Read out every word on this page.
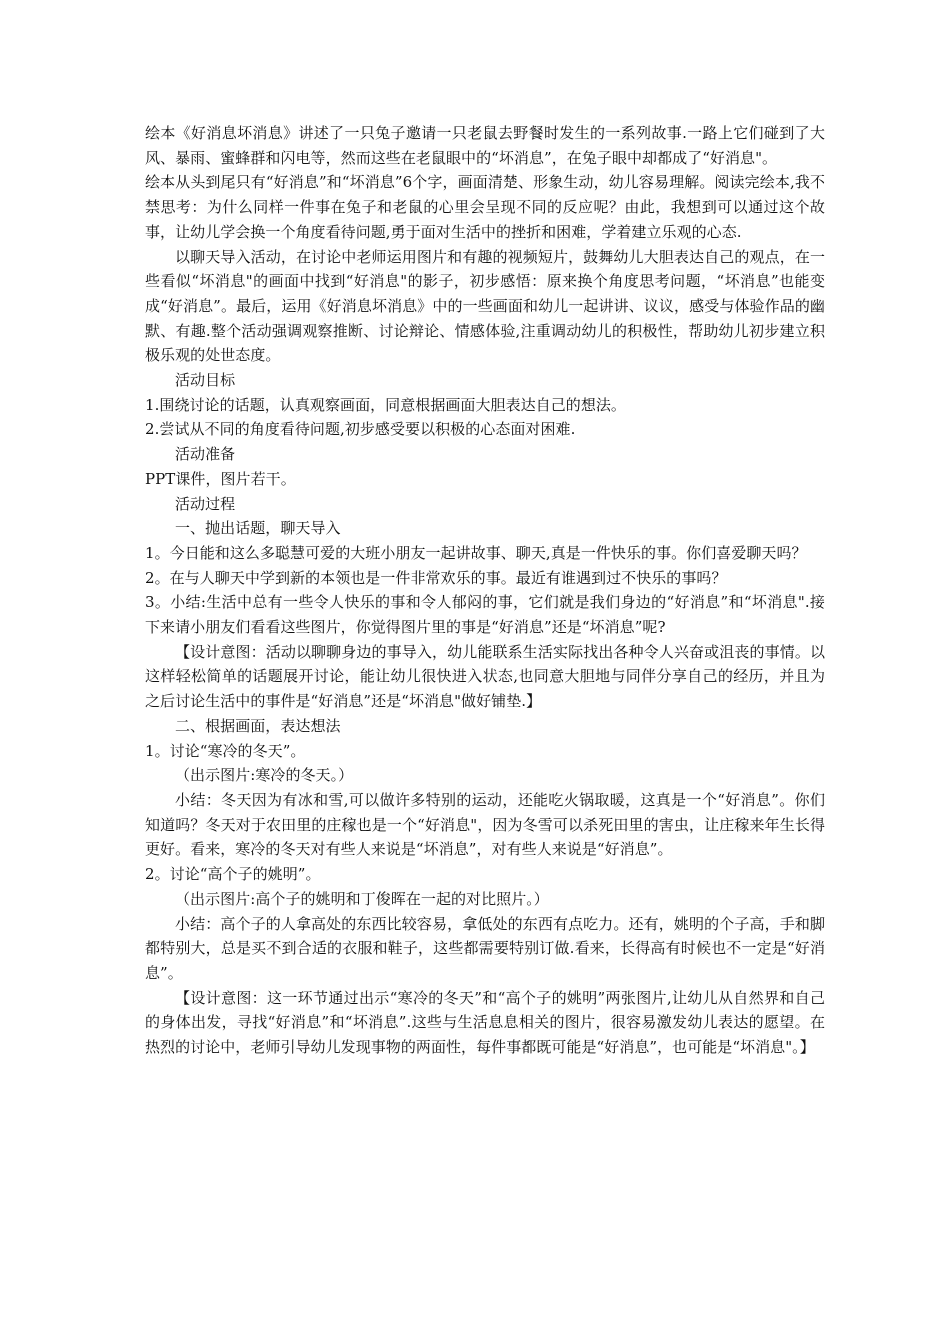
绘本《好消息坏消息》讲述了一只兔子邀请一只老鼠去野餐时发生的一系列故事.一路上它们碰到了大风、暴雨、蜜蜂群和闪电等，然而这些在老鼠眼中的“坏消息”，在兔子眼中却都成了“好消息"。

绘本从头到尾只有“好消息”和“坏消息”6个字，画面清楚、形象生动，幼儿容易理解。阅读完绘本,我不禁思考：为什么同样一件事在兔子和老鼠的心里会呈现不同的反应呢？由此，我想到可以通过这个故事，让幼儿学会换一个角度看待问题,勇于面对生活中的挫折和困难，学着建立乐观的心态.

以聊天导入活动，在讨论中老师运用图片和有趣的视频短片，鼓舞幼儿大胆表达自己的观点，在一些看似“坏消息"的画面中找到“好消息"的影子，初步感悟：原来换个角度思考问题，“坏消息”也能变成“好消息”。最后，运用《好消息坏消息》中的一些画面和幼儿一起讲讲、议议，感受与体验作品的幽默、有趣.整个活动强调观察推断、讨论辩论、情感体验,注重调动幼儿的积极性，帮助幼儿初步建立积极乐观的处世态度。

活动目标

1.围绕讨论的话题，认真观察画面，同意根据画面大胆表达自己的想法。

2.尝试从不同的角度看待问题,初步感受要以积极的心态面对困难.

活动准备

PPT课件，图片若干。

活动过程

一、抛出话题，聊天导入

1。今日能和这么多聪慧可爱的大班小朋友一起讲故事、聊天,真是一件快乐的事。你们喜爱聊天吗？

2。在与人聊天中学到新的本领也是一件非常欢乐的事。最近有谁遇到过不快乐的事吗？

3。小结:生活中总有一些令人快乐的事和令人郁闷的事，它们就是我们身边的“好消息”和“坏消息".接下来请小朋友们看看这些图片，你觉得图片里的事是“好消息”还是“坏消息”呢?

【设计意图：活动以聊聊身边的事导入，幼儿能联系生活实际找出各种令人兴奋或沮丧的事情。以这样轻松简单的话题展开讨论，能让幼儿很快进入状态,也同意大胆地与同伴分享自己的经历，并且为之后讨论生活中的事件是“好消息”还是“坏消息"做好铺垫.】

二、根据画面，表达想法

1。讨论“寒冷的冬天”。

（出示图片:寒冷的冬天。）

小结：冬天因为有冰和雪,可以做许多特别的运动，还能吃火锅取暖，这真是一个“好消息”。你们知道吗？冬天对于农田里的庄稼也是一个“好消息"，因为冬雪可以杀死田里的害虫，让庄稼来年生长得更好。看来，寒冷的冬天对有些人来说是“坏消息”，对有些人来说是“好消息”。

2。讨论“高个子的姚明”。

（出示图片:高个子的姚明和丁俊晖在一起的对比照片。）

小结：高个子的人拿高处的东西比较容易，拿低处的东西有点吃力。还有，姚明的个子高，手和脚都特别大，总是买不到合适的衣服和鞋子，这些都需要特别订做.看来，长得高有时候也不一定是“好消息”。

【设计意图：这一环节通过出示“寒冷的冬天”和“高个子的姚明”两张图片,让幼儿从自然界和自己的身体出发，寻找“好消息”和“坏消息”.这些与生活息息相关的图片，很容易激发幼儿表达的愿望。在热烈的讨论中，老师引导幼儿发现事物的两面性，每件事都既可能是“好消息”，也可能是“坏消息"。】
